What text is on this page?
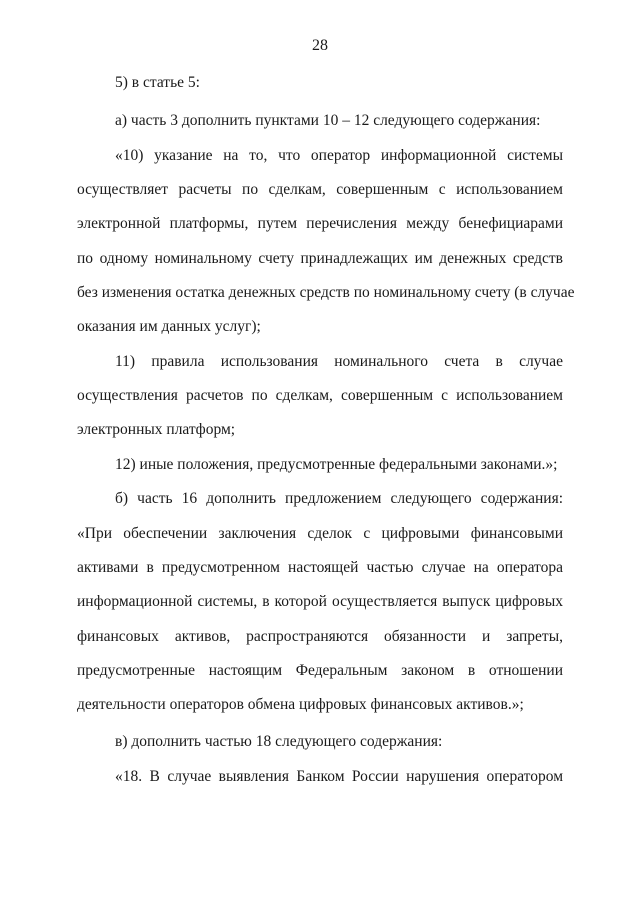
28
5) в статье 5:
а) часть 3 дополнить пунктами 10 – 12 следующего содержания:
«10) указание на то, что оператор информационной системы
осуществляет расчеты по сделкам, совершенным с использованием
электронной платформы, путем перечисления между бенефициарами
по одному номинальному счету принадлежащих им денежных средств
без изменения остатка денежных средств по номинальному счету (в случае
оказания им данных услуг);
11) правила использования номинального счета в случае
осуществления расчетов по сделкам, совершенным с использованием
электронных платформ;
12) иные положения, предусмотренные федеральными законами.»;
б) часть 16 дополнить предложением следующего содержания:
«При обеспечении заключения сделок с цифровыми финансовыми
активами в предусмотренном настоящей частью случае на оператора
информационной системы, в которой осуществляется выпуск цифровых
финансовых активов, распространяются обязанности и запреты,
предусмотренные настоящим Федеральным законом в отношении
деятельности операторов обмена цифровых финансовых активов.»;
в) дополнить частью 18 следующего содержания:
«18. В случае выявления Банком России нарушения оператором
